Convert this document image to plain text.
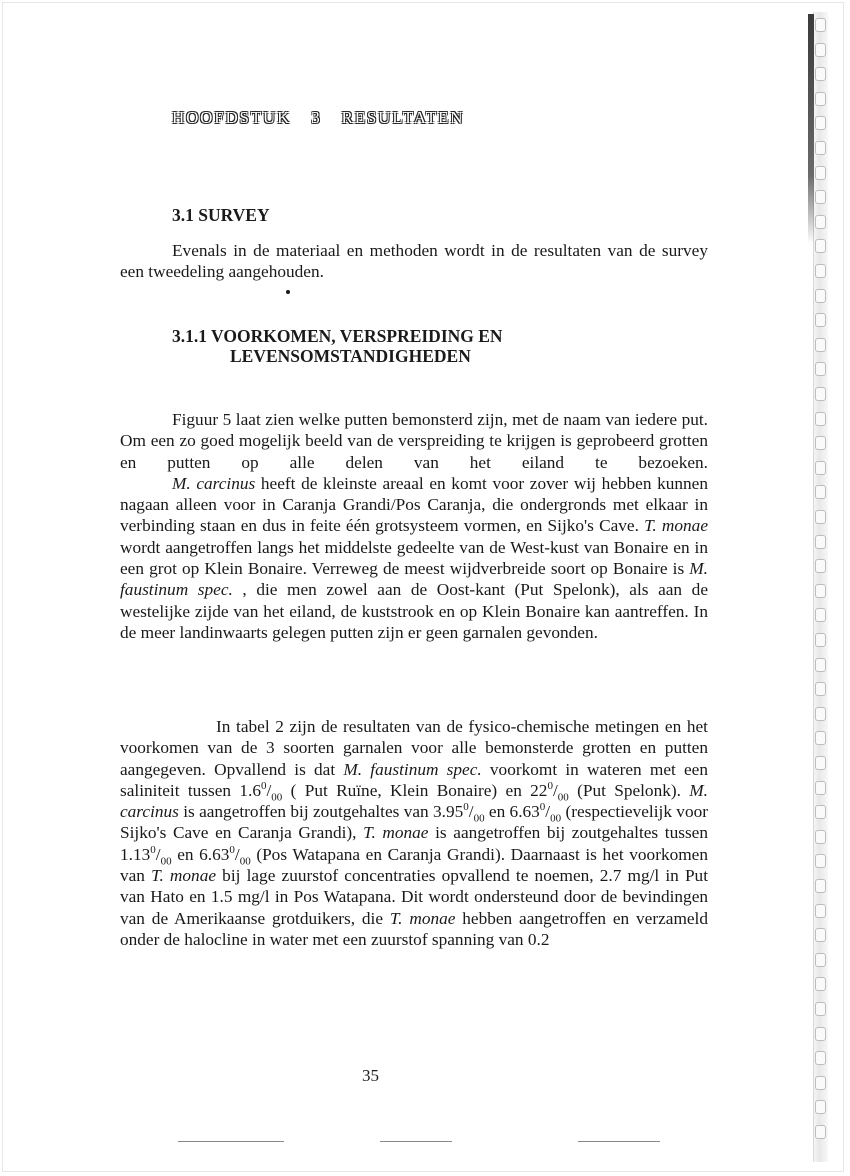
HOOFDSTUK 3 RESULTATEN
3.1 SURVEY

Evenals in de materiaal en methoden wordt in de resultaten van de survey een tweedeling aangehouden.

3.1.1 VOORKOMEN, VERSPREIDING EN
LEVENSOMSTANDIGHEDEN

Figuur 5 laat zien welke putten bemonsterd zijn, met de naam van iedere put. Om een zo goed mogelijk beeld van de verspreiding te krijgen is geprobeerd grotten en putten op alle delen van het eiland te bezoeken.

M. carcinus heeft de kleinste areaal en komt voor zover wij hebben kunnen nagaan alleen voor in Caranja Grandi/Pos Caranja, die ondergronds met elkaar in verbinding staan en dus in feite één grotsysteem vormen, en Sijko's Cave. T. monae wordt aangetroffen langs het middelste gedeelte van de West-kust van Bonaire en in een grot op Klein Bonaire. Verreweg de meest wijdverbreide soort op Bonaire is M. faustinum spec. , die men zowel aan de Oost-kant (Put Spelonk), als aan de westelijke zijde van het eiland, de kuststrook en op Klein Bonaire kan aantreffen. In de meer landinwaarts gelegen putten zijn er geen garnalen gevonden.

In tabel 2 zijn de resultaten van de fysico-chemische metingen en het voorkomen van de 3 soorten garnalen voor alle bemonsterde grotten en putten aangegeven. Opvallend is dat M. faustinum spec. voorkomt in wateren met een saliniteit tussen $1.6^0/_{00}$ ( Put Ruïne, Klein Bonaire) en $22^0/_{00}$ (Put Spelonk). M. carcinus is aangetroffen bij zoutgehaltes van $3.95^0/_{00}$ en $6.63^0/_{00}$ (respectievelijk voor Sijko's Cave en Caranja Grandi), T. monae is aangetroffen bij zoutgehaltes tussen $1.13^0/_{00}$ en $6.63^0/_{00}$ (Pos Watapana en Caranja Grandi). Daarnaast is het voorkomen van T. monae bij lage zuurstof concentraties opvallend te noemen, 2.7 mg/l in Put van Hato en 1.5 mg/l in Pos Watapana. Dit wordt ondersteund door de bevindingen van de Amerikaanse grotduikers, die T. monae hebben aangetroffen en verzameld onder de halocline in water met een zuurstof spanning van 0.2

35
